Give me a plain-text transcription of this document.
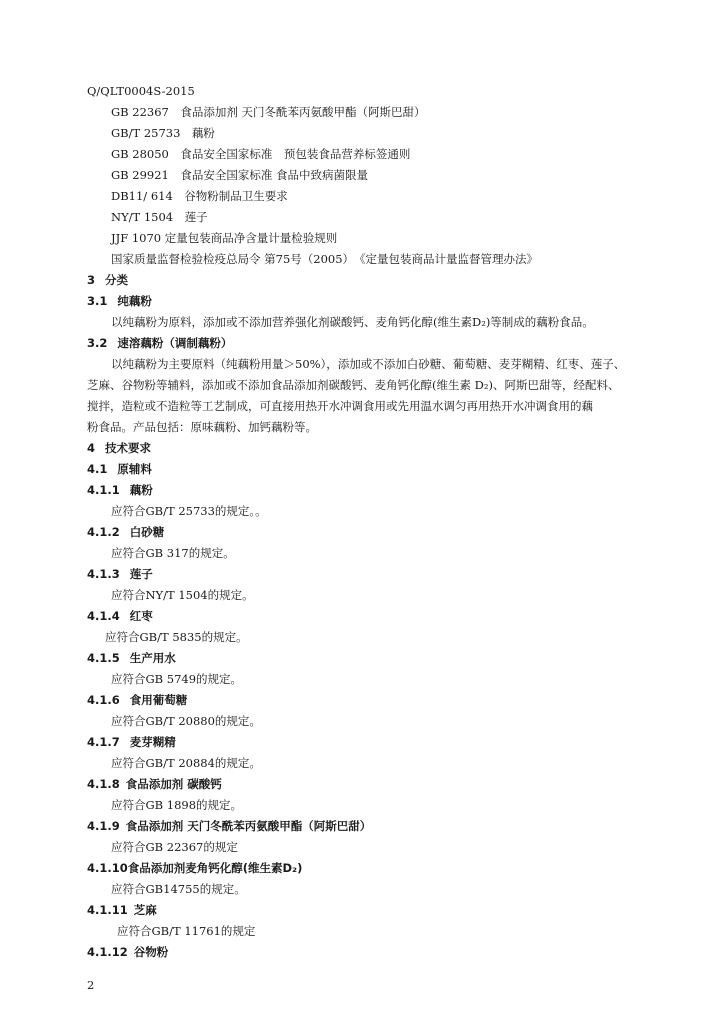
Q/QLT0004S-2015
GB 22367　食品添加剂 天门冬酰苯丙氨酸甲酯（阿斯巴甜）
GB/T 25733　藕粉
GB 28050　食品安全国家标准　预包装食品营养标签通则
GB 29921　食品安全国家标准 食品中致病菌限量
DB11/ 614　谷物粉制品卫生要求
NY/T 1504　莲子
JJF 1070 定量包装商品净含量计量检验规则
国家质量监督检验检疫总局令 第75号（2005）　《定量包装商品计量监督管理办法》
3 分类
3.1 纯藕粉
以纯藕粉为原料，添加或不添加营养强化剂碳酸钙、麦角钙化醇(维生素D₂)等制成的藕粉食品。
3.2 速溶藕粉（调制藕粉）
以纯藕粉为主要原料（纯藕粉用量＞50%），添加或不添加白砂糖、葡萄糖、麦芽糊精、红枣、莲子、
芝麻、谷物粉等辅料，添加或不添加食品添加剂碳酸钙、麦角钙化醇(维生素 D₂)、阿斯巴甜等，经配料、
搅拌，造粒或不造粒等工艺制成，可直接用热开水冲调食用或先用温水调匀再用热开水冲调食用的藕
粉食品。产品包括：原味藕粉、加钙藕粉等。
4 技术要求
4.1 原辅料
4.1.1 藕粉
应符合GB/T 25733的规定。。
4.1.2 白砂糖
应符合GB 317的规定。
4.1.3 莲子
应符合NY/T 1504的规定。
4.1.4 红枣
应符合GB/T 5835的规定。
4.1.5 生产用水
应符合GB 5749的规定。
4.1.6 食用葡萄糖
应符合GB/T 20880的规定。
4.1.7 麦芽糊精
应符合GB/T 20884的规定。
4.1.8 食品添加剂 碳酸钙
应符合GB 1898的规定。
4.1.9 食品添加剂 天门冬酰苯丙氨酸甲酯（阿斯巴甜）
应符合GB 22367的规定
4.1.10食品添加剂麦角钙化醇(维生素D₂)
应符合GB14755的规定。
4.1.11 芝麻
应符合GB/T 11761的规定
4.1.12 谷物粉
2
